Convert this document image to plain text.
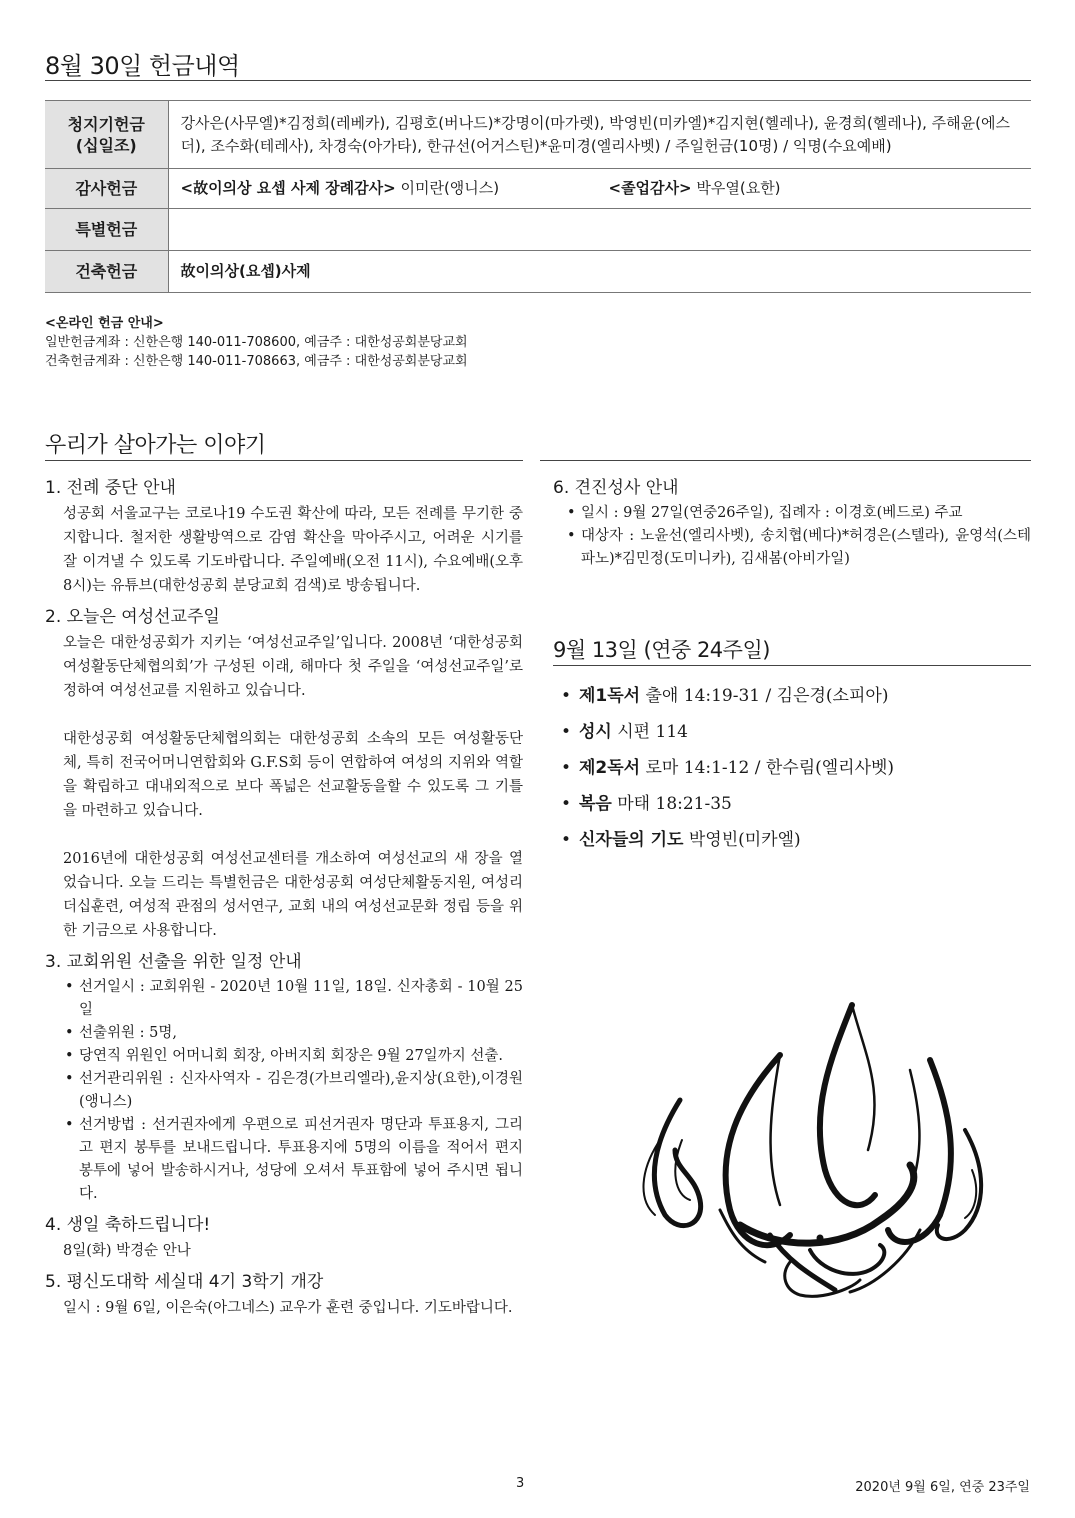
8월 30일 헌금내역
청지기헌금
(십일조)	강사은(사무엘)*김정희(레베카), 김평호(버나드)*강명이(마가렛), 박영빈(미카엘)*김지현(헬레나), 윤경희(헬레나), 주해윤(에스더), 조수화(테레사), 차경숙(아가타), 한규선(어거스틴)*윤미경(엘리사벳) / 주일헌금(10명) / 익명(수요예배)
감사헌금	<故이의상 요셉 사제 장례감사> 이미란(앵니스) <졸업감사> 박우열(요한)
특별헌금	
건축헌금	故이의상(요셉)사제
<온라인 헌금 안내>
일반헌금계좌 : 신한은행 140-011-708600, 예금주 : 대한성공회분당교회
건축헌금계좌 : 신한은행 140-011-708663, 예금주 : 대한성공회분당교회
우리가 살아가는 이야기
1. 전례 중단 안내
성공회 서울교구는 코로나19 수도권 확산에 따라, 모든 전례를 무기한 중지합니다. 철저한 생활방역으로 감염 확산을 막아주시고, 어려운 시기를 잘 이겨낼 수 있도록 기도바랍니다. 주일예배(오전 11시), 수요예배(오후 8시)는 유튜브(대한성공회 분당교회 검색)로 방송됩니다.
2. 오늘은 여성선교주일
오늘은 대한성공회가 지키는 ‘여성선교주일’입니다. 2008년 ‘대한성공회 여성활동단체협의회’가 구성된 이래, 해마다 첫 주일을 ‘여성선교주일’로 정하여 여성선교를 지원하고 있습니다.
대한성공회 여성활동단체협의회는 대한성공회 소속의 모든 여성활동단체, 특히 전국어머니연합회와 G.F.S회 등이 연합하여 여성의 지위와 역할을 확립하고 대내외적으로 보다 폭넓은 선교활동을할 수 있도록 그 기틀을 마련하고 있습니다.
2016년에 대한성공회 여성선교센터를 개소하여 여성선교의 새 장을 열었습니다. 오늘 드리는 특별헌금은 대한성공회 여성단체활동지원, 여성리더십훈련, 여성적 관점의 성서연구, 교회 내의 여성선교문화 정립 등을 위한 기금으로 사용합니다.
3. 교회위원 선출을 위한 일정 안내
• 선거일시 : 교회위원 - 2020년 10월 11일, 18일. 신자총회 - 10월 25일
• 선출위원 : 5명,
• 당연직 위원인 어머니회 회장, 아버지회 회장은 9월 27일까지 선출.
• 선거관리위원 : 신자사역자 - 김은경(가브리엘라),윤지상(요한),이경원(앵니스)
• 선거방법 : 선거권자에게 우편으로 피선거권자 명단과 투표용지, 그리고 편지 봉투를 보내드립니다. 투표용지에 5명의 이름을 적어서 편지 봉투에 넣어 발송하시거나, 성당에 오셔서 투표함에 넣어 주시면 됩니다.
4. 생일 축하드립니다!
8일(화) 박경순 안나
5. 평신도대학 세실대 4기 3학기 개강
일시 : 9월 6일, 이은숙(아그네스) 교우가 훈련 중입니다. 기도바랍니다.
6. 견진성사 안내
• 일시 : 9월 27일(연중26주일), 집례자 : 이경호(베드로) 주교
• 대상자 : 노윤선(엘리사벳), 송치협(베다)*허경은(스텔라), 윤영석(스테파노)*김민정(도미니카), 김새봄(아비가일)
9월 13일 (연중 24주일)
• 제1독서 출애 14:19-31 / 김은경(소피아)
• 성시 시편 114
• 제2독서 로마 14:1-12 / 한수림(엘리사벳)
• 복음 마태 18:21-35
• 신자들의 기도 박영빈(미카엘)
3	2020년 9월 6일, 연중 23주일
